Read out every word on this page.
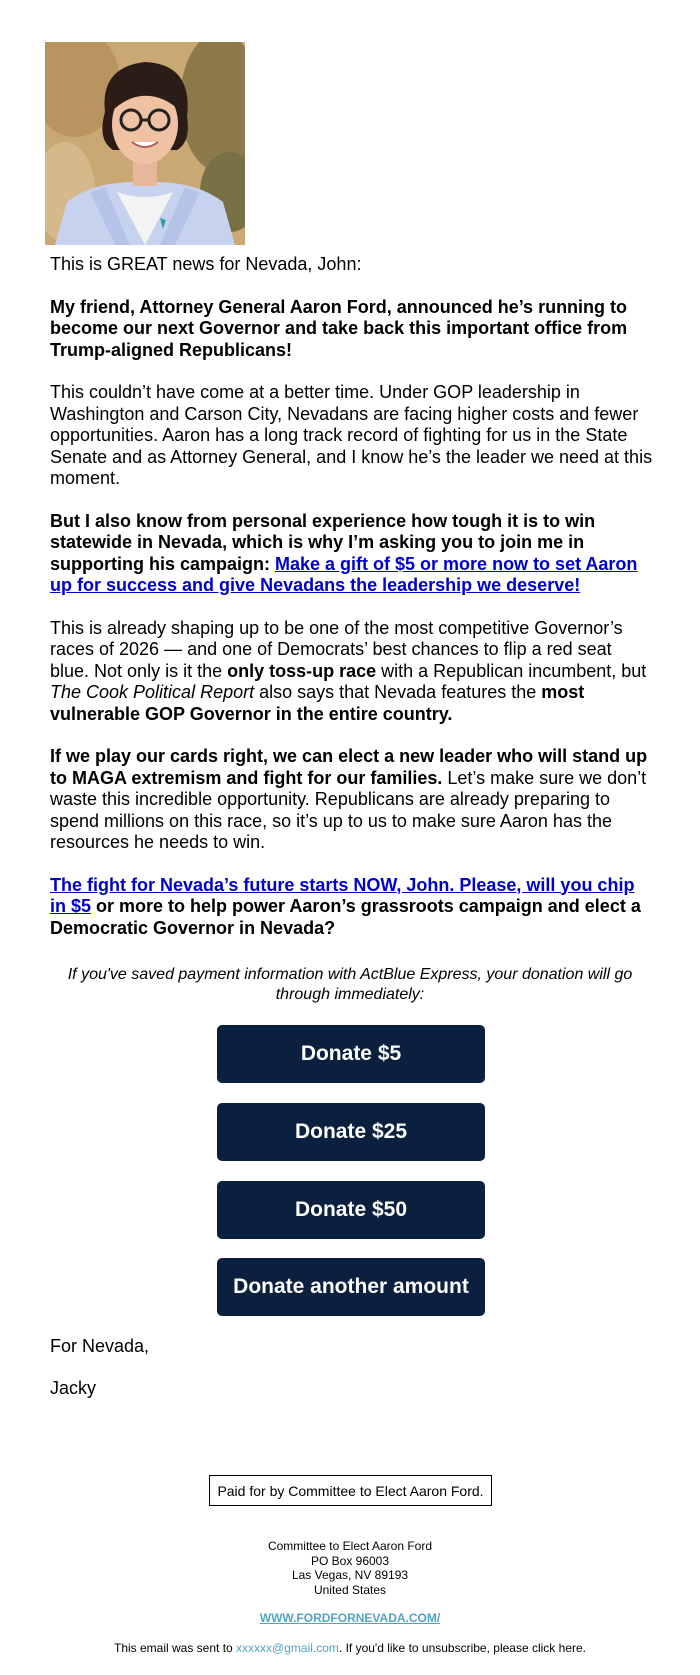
This is GREAT news for Nevada, John:

My friend, Attorney General Aaron Ford, announced he’s running to become our next Governor and take back this important office from Trump-aligned Republicans!

This couldn’t have come at a better time. Under GOP leadership in Washington and Carson City, Nevadans are facing higher costs and fewer opportunities. Aaron has a long track record of fighting for us in the State Senate and as Attorney General, and I know he’s the leader we need at this moment.

But I also know from personal experience how tough it is to win statewide in Nevada, which is why I’m asking you to join me in supporting his campaign: Make a gift of $5 or more now to set Aaron up for success and give Nevadans the leadership we deserve!

This is already shaping up to be one of the most competitive Governor’s races of 2026 — and one of Democrats’ best chances to flip a red seat blue. Not only is it the only toss-up race with a Republican incumbent, but The Cook Political Report also says that Nevada features the most vulnerable GOP Governor in the entire country.

If we play our cards right, we can elect a new leader who will stand up to MAGA extremism and fight for our families. Let’s make sure we don’t waste this incredible opportunity. Republicans are already preparing to spend millions on this race, so it’s up to us to make sure Aaron has the resources he needs to win.

The fight for Nevada’s future starts NOW, John. Please, will you chip in $5 or more to help power Aaron’s grassroots campaign and elect a Democratic Governor in Nevada?

If you've saved payment information with ActBlue Express, your donation will go through immediately:
Donate $5
Donate $25
Donate $50
Donate another amount
For Nevada,
Jacky
Paid for by Committee to Elect Aaron Ford.
Committee to Elect Aaron Ford
PO Box 96003
Las Vegas, NV 89193
United States
WWW.FORDFORNEVADA.COM/
This email was sent to xxxxxx@gmail.com. If you'd like to unsubscribe, please click here.
